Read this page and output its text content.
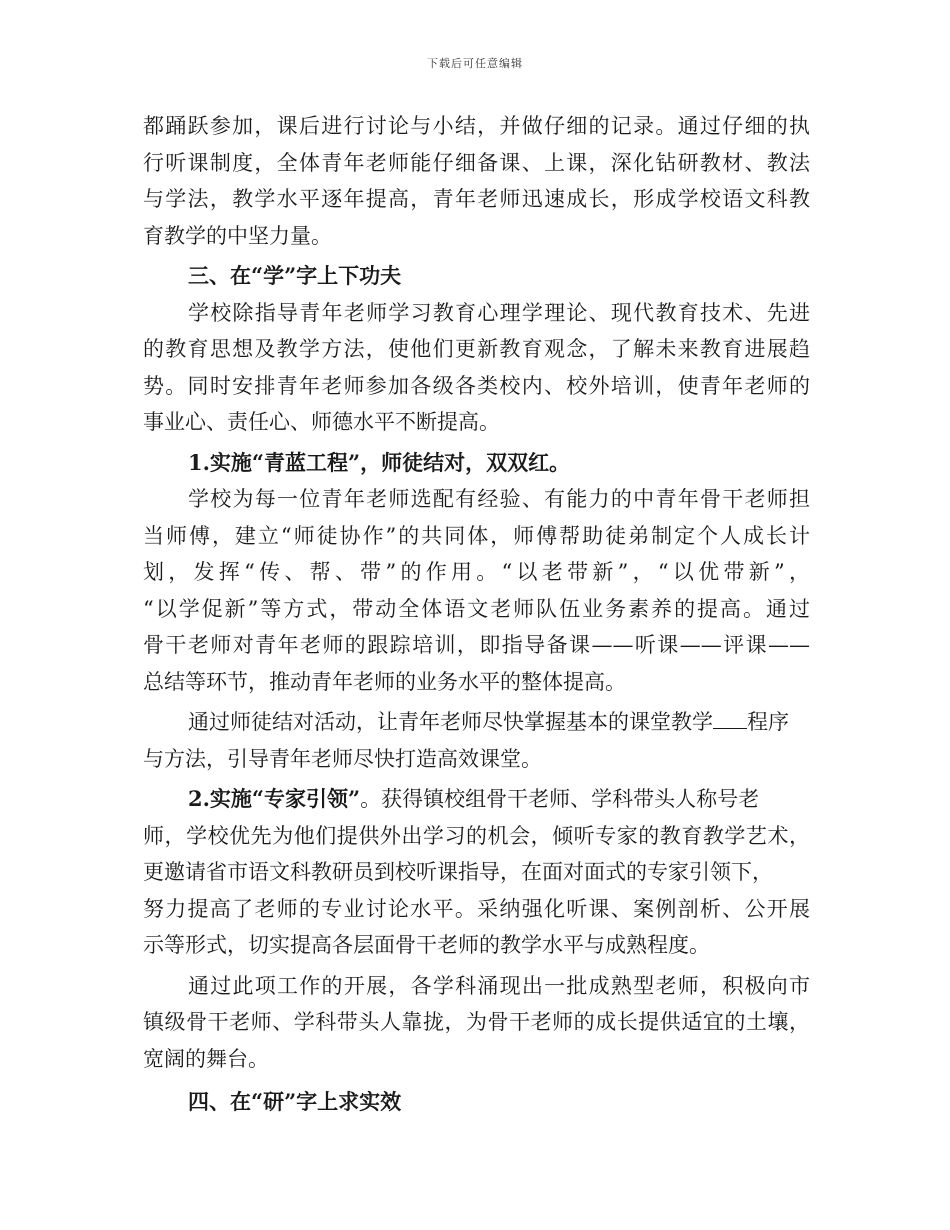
下载后可任意编辑
都踊跃参加，课后进行讨论与小结，并做仔细的记录。通过仔细的执
行听课制度，全体青年老师能仔细备课、上课，深化钻研教材、教法
与学法，教学水平逐年提高，青年老师迅速成长，形成学校语文科教
育教学的中坚力量。
三、在“学”字上下功夫
学校除指导青年老师学习教育心理学理论、现代教育技术、先进
的教育思想及教学方法，使他们更新教育观念，了解未来教育进展趋
势。同时安排青年老师参加各级各类校内、校外培训，使青年老师的
事业心、责任心、师德水平不断提高。
1.实施“青蓝工程”，师徒结对，双双红。
学校为每一位青年老师选配有经验、有能力的中青年骨干老师担
当师傅，建立“师徒协作”的共同体，师傅帮助徒弟制定个人成长计
划，发挥“传、帮、带”的作用。“以老带新”，“以优带新”，
“以学促新”等方式，带动全体语文老师队伍业务素养的提高。通过
骨干老师对青年老师的跟踪培训，即指导备课——听课——评课——
总结等环节，推动青年老师的业务水平的整体提高。
通过师徒结对活动，让青年老师尽快掌握基本的课堂教学 程序
与方法，引导青年老师尽快打造高效课堂。
2.实施“专家引领”。获得镇校组骨干老师、学科带头人称号老
师，学校优先为他们提供外出学习的机会，倾听专家的教育教学艺术，
更邀请省市语文科教研员到校听课指导，在面对面式的专家引领下，
努力提高了老师的专业讨论水平。采纳强化听课、案例剖析、公开展
示等形式，切实提高各层面骨干老师的教学水平与成熟程度。
通过此项工作的开展，各学科涌现出一批成熟型老师，积极向市
镇级骨干老师、学科带头人靠拢，为骨干老师的成长提供适宜的土壤，
宽阔的舞台。
四、在“研”字上求实效
